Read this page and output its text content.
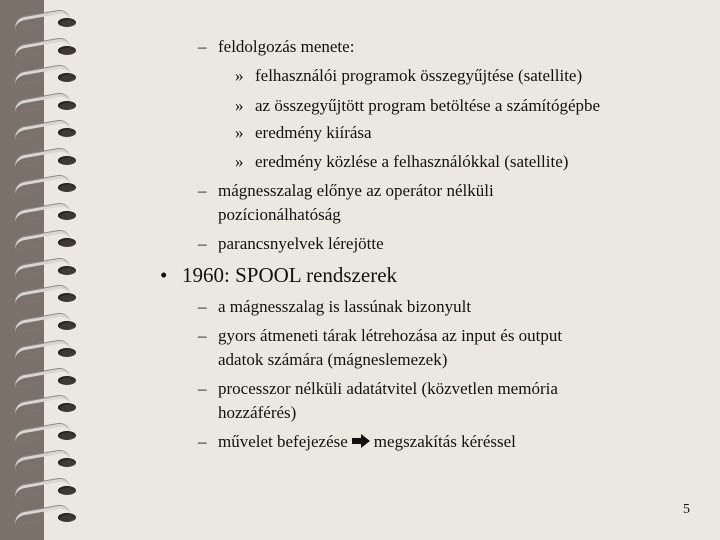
– feldolgozás menete:
» felhasználói programok összegyűjtése (satellite)
» az összegyűjtött program betöltése a számítógépbe
» eredmény kiírása
» eredmény közlése a felhasználókkal (satellite)
– mágnesszalag előnye az operátor nélküli
pozícionálhatóság
– parancsnyelvek lérejötte
• 1960: SPOOL rendszerek
– a mágnesszalag is lassúnak bizonyult
– gyors átmeneti tárak létrehozása az input és output
adatok számára (mágneslemezek)
– processzor nélküli adatátvitel (közvetlen memória
hozzáférés)
– művelet befejezése megszakítás kéréssel
5
